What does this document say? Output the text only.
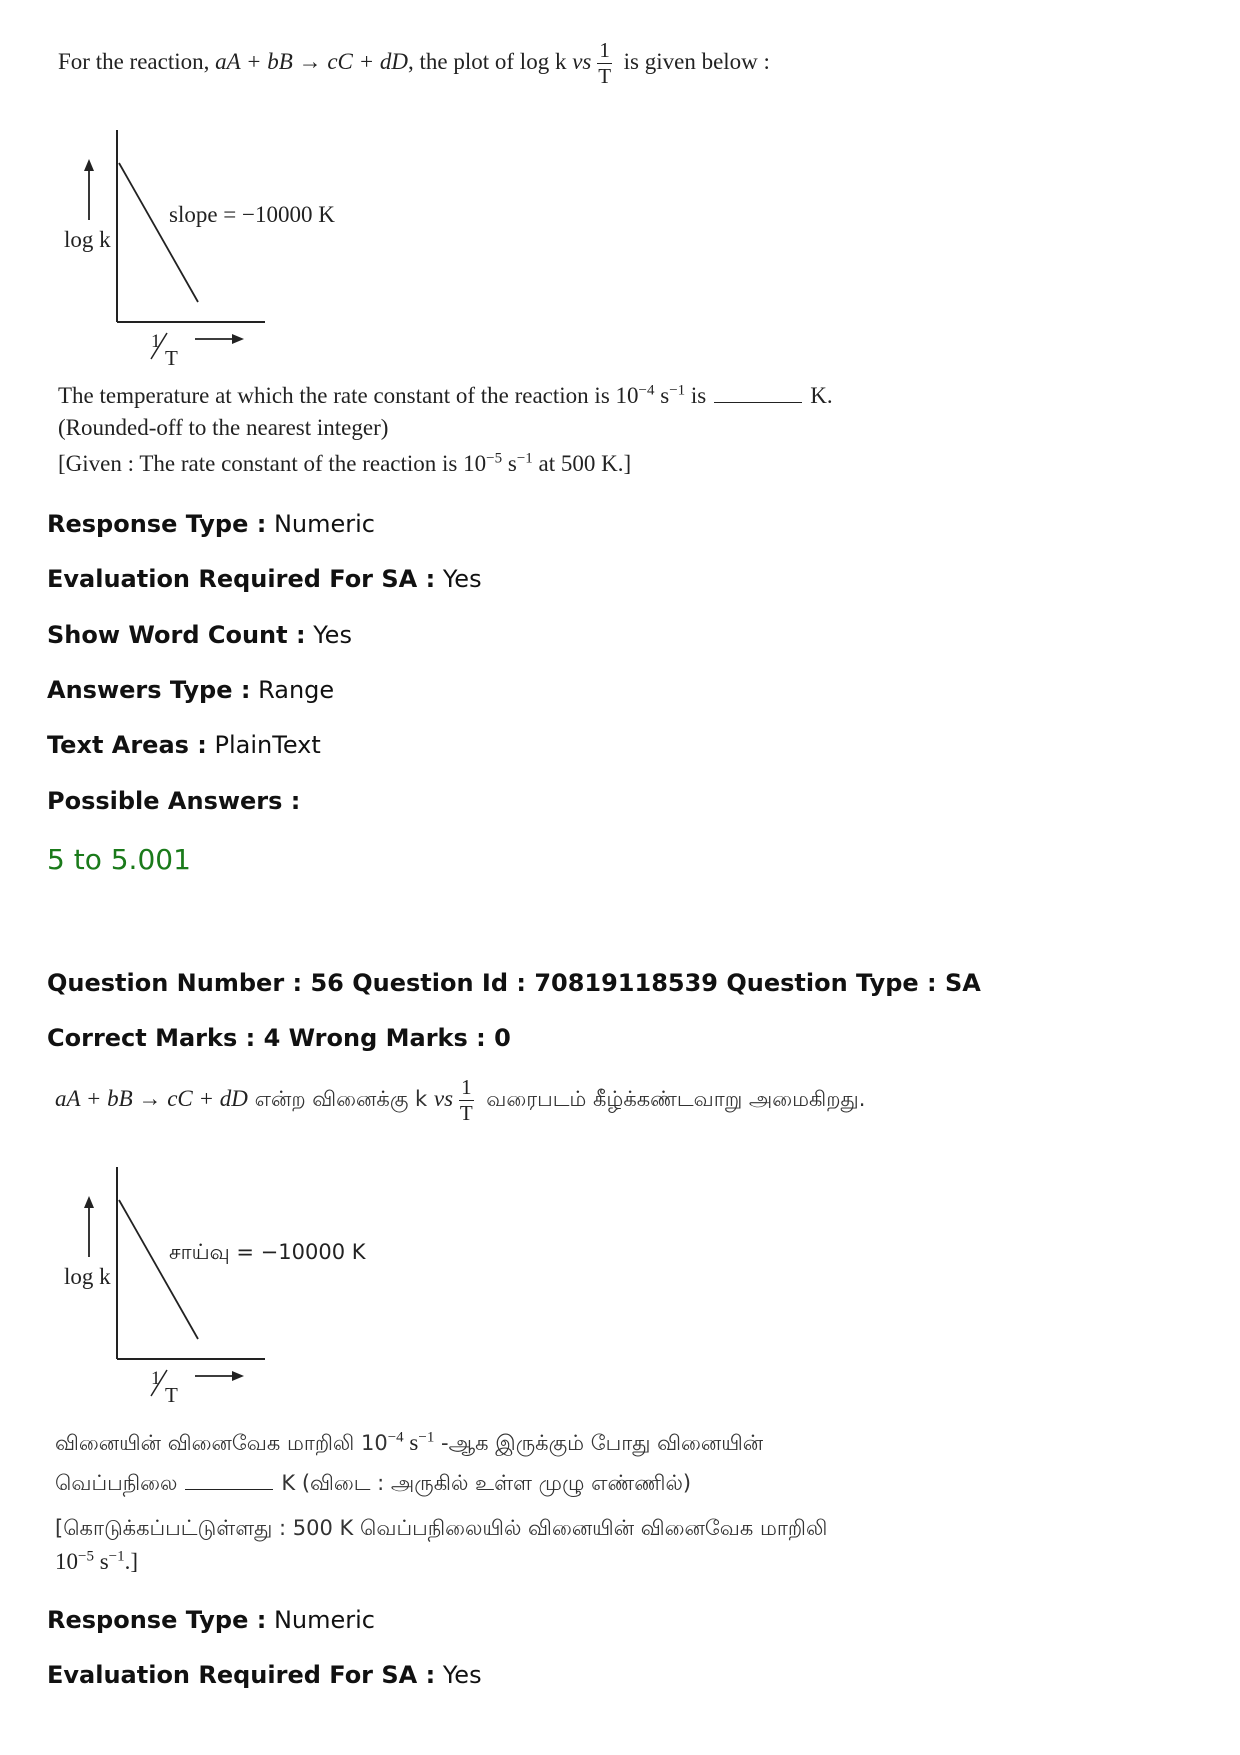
For the reaction, aA + bB → cC + dD, the plot of log k vs $\frac{1}{T}$ is given below :
log k
slope = −10000 K
1
T
The temperature at which the rate constant of the reaction is $10^{-4}$ $s^{-1}$ is	K.
(Rounded-off to the nearest integer)
[Given : The rate constant of the reaction is $10^{-5}$ $s^{-1}$ at 500 K.]
Response Type : Numeric
Evaluation Required For SA : Yes
Show Word Count : Yes
Answers Type : Range
Text Areas : PlainText
Possible Answers :
5 to 5.001
Question Number : 56 Question Id : 70819118539 Question Type : SA
Correct Marks : 4 Wrong Marks : 0
aA + bB → cC + dD என்ற வினைக்கு k vs $\frac{1}{T}$ வரைபடம் கீழ்க்கண்டவாறு அமைகிறது.
log k
சாய்வு = −10000 K
1
T
வினையின் வினைவேக மாறிலி $10^{-4}$ $s^{-1}$ -ஆக இருக்கும் போது வினையின்
வெப்பநிலை	K (விடை : அருகில் உள்ள முழு எண்ணில்)
[கொடுக்கப்பட்டுள்ளது : 500 K வெப்பநிலையில் வினையின் வினைவேக மாறிலி
$10^{-5}$ $s^{-1}$.]
Response Type : Numeric
Evaluation Required For SA : Yes
